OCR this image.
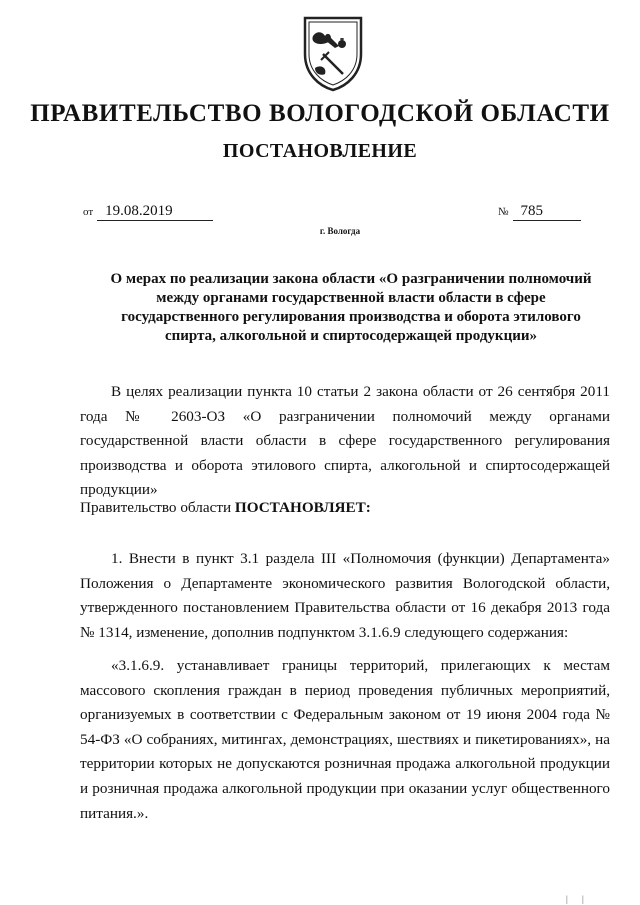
ПРАВИТЕЛЬСТВО ВОЛОГОДСКОЙ ОБЛАСТИ
ПОСТАНОВЛЕНИЕ
от 19.08.2019	№ 785
г. Вологда

О мерах по реализации закона области «О разграничении полномочий между органами государственной власти области в сфере государственного регулирования производства и оборота этилового спирта, алкогольной и спиртосодержащей продукции»

В целях реализации пункта 10 статьи 2 закона области от 26 сентября 2011 года № 2603-ОЗ «О разграничении полномочий между органами государственной власти области в сфере государственного регулирования производства и оборота этилового спирта, алкогольной и спиртосодержащей продукции»

Правительство области ПОСТАНОВЛЯЕТ:

1. Внести в пункт 3.1 раздела III «Полномочия (функции) Департамента» Положения о Департаменте экономического развития Вологодской области, утвержденного постановлением Правительства области от 16 декабря 2013 года № 1314, изменение, дополнив подпунктом 3.1.6.9 следующего содержания:

«3.1.6.9. устанавливает границы территорий, прилегающих к местам массового скопления граждан в период проведения публичных мероприятий, организуемых в соответствии с Федеральным законом от 19 июня 2004 года № 54-ФЗ «О собраниях, митингах, демонстрациях, шествиях и пикетированиях», на территории которых не допускаются розничная продажа алкогольной продукции и розничная продажа алкогольной продукции при оказании услуг общественного питания.».

| |
